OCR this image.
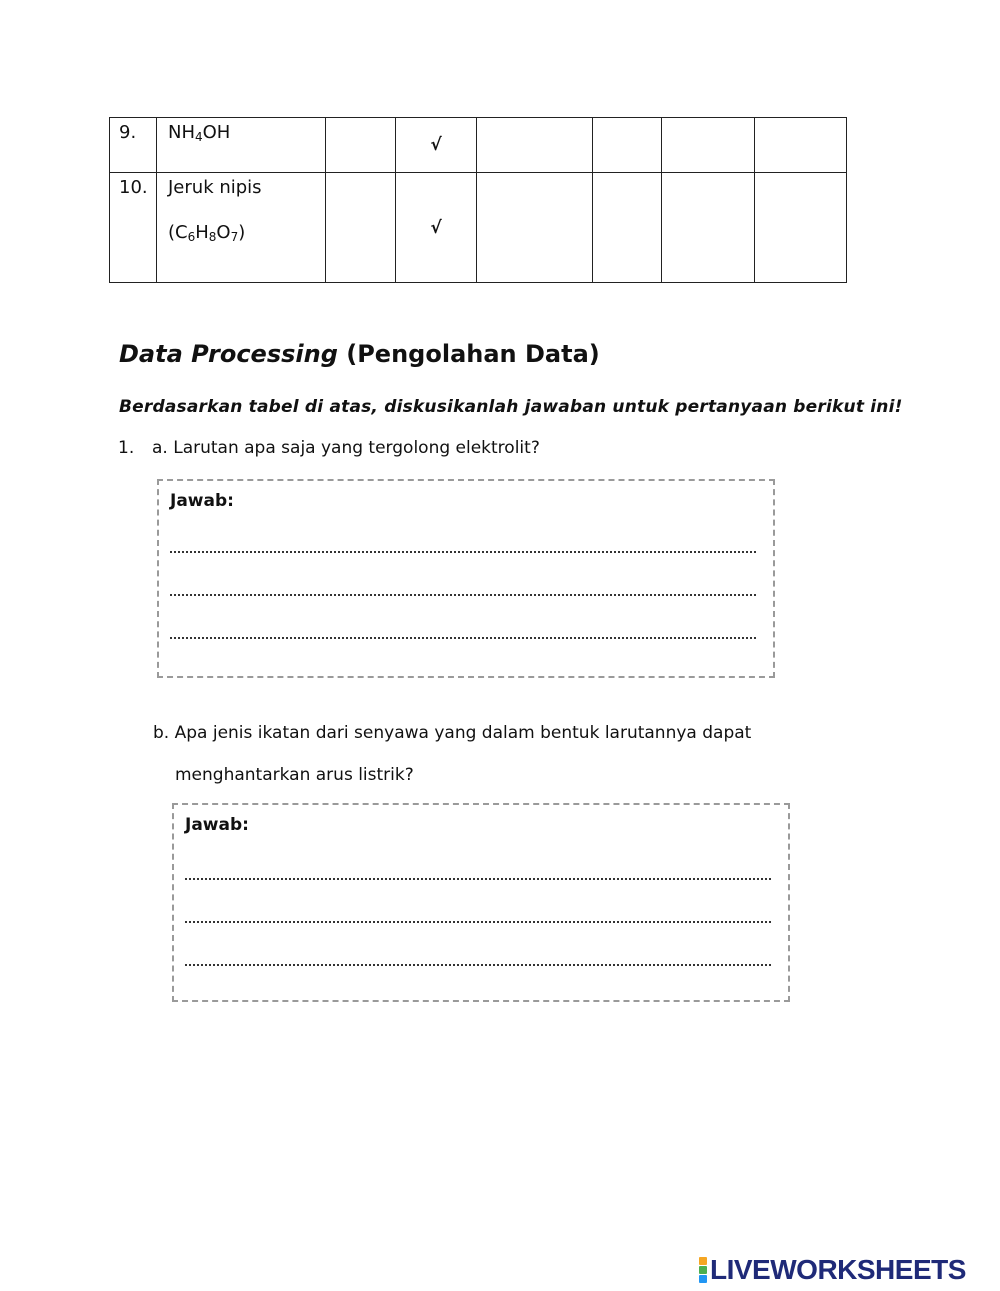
9.	NH4OH		√				
10.	Jeruk nipis
(C6H8O7)		√				
Data Processing (Pengolahan Data)
Berdasarkan tabel di atas, diskusikanlah jawaban untuk pertanyaan berikut ini!
1. a. Larutan apa saja yang tergolong elektrolit?
Jawab:
b. Apa jenis ikatan dari senyawa yang dalam bentuk larutannya dapat
menghantarkan arus listrik?
Jawab:
LIVEWORKSHEETS
